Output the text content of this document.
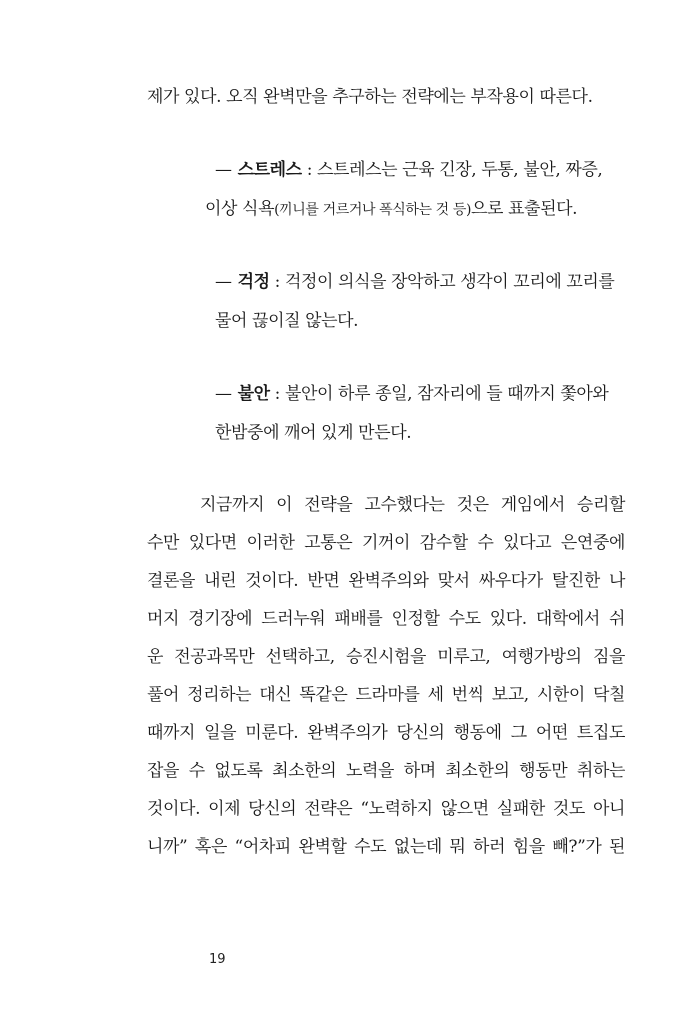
제가 있다. 오직 완벽만을 추구하는 전략에는 부작용이 따른다.
— 스트레스 : 스트레스는 근육 긴장, 두통, 불안, 짜증,
이상 식욕(끼니를 거르거나 폭식하는 것 등)으로 표출된다.
— 걱정 : 걱정이 의식을 장악하고 생각이 꼬리에 꼬리를
물어 끊이질 않는다.
— 불안 : 불안이 하루 종일, 잠자리에 들 때까지 쫓아와
한밤중에 깨어 있게 만든다.
지금까지 이 전략을 고수했다는 것은 게임에서 승리할
수만 있다면 이러한 고통은 기꺼이 감수할 수 있다고 은연중에
결론을 내린 것이다. 반면 완벽주의와 맞서 싸우다가 탈진한 나
머지 경기장에 드러누워 패배를 인정할 수도 있다. 대학에서 쉬
운 전공과목만 선택하고, 승진시험을 미루고, 여행가방의 짐을
풀어 정리하는 대신 똑같은 드라마를 세 번씩 보고, 시한이 닥칠
때까지 일을 미룬다. 완벽주의가 당신의 행동에 그 어떤 트집도
잡을 수 없도록 최소한의 노력을 하며 최소한의 행동만 취하는
것이다. 이제 당신의 전략은 “노력하지 않으면 실패한 것도 아니
니까” 혹은 “어차피 완벽할 수도 없는데 뭐 하러 힘을 빼?”가 된
19
